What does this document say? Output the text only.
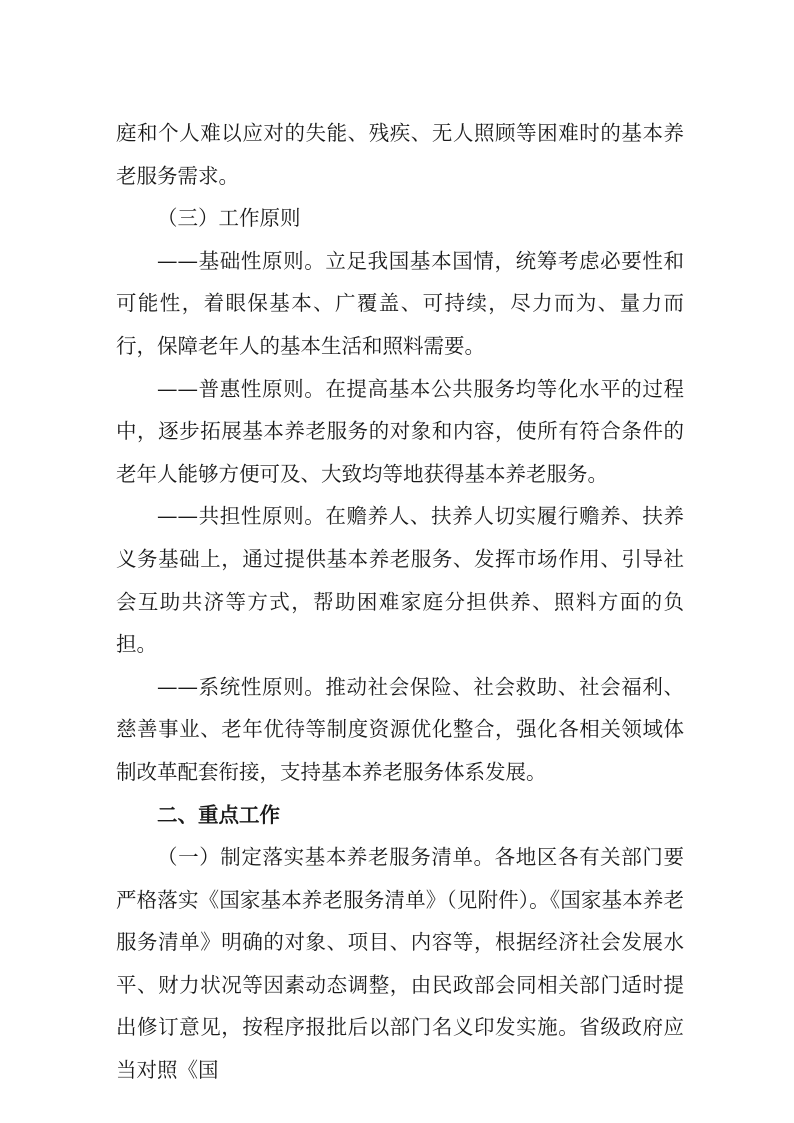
庭和个人难以应对的失能、残疾、无人照顾等困难时的基本养老服务需求。

（三）工作原则

——基础性原则。立足我国基本国情，统筹考虑必要性和可能性，着眼保基本、广覆盖、可持续，尽力而为、量力而行，保障老年人的基本生活和照料需要。

——普惠性原则。在提高基本公共服务均等化水平的过程中，逐步拓展基本养老服务的对象和内容，使所有符合条件的老年人能够方便可及、大致均等地获得基本养老服务。

——共担性原则。在赡养人、扶养人切实履行赡养、扶养义务基础上，通过提供基本养老服务、发挥市场作用、引导社会互助共济等方式，帮助困难家庭分担供养、照料方面的负担。

——系统性原则。推动社会保险、社会救助、社会福利、慈善事业、老年优待等制度资源优化整合，强化各相关领域体制改革配套衔接，支持基本养老服务体系发展。

二、重点工作

（一）制定落实基本养老服务清单。各地区各有关部门要严格落实《国家基本养老服务清单》（见附件）。《国家基本养老服务清单》明确的对象、项目、内容等，根据经济社会发展水平、财力状况等因素动态调整，由民政部会同相关部门适时提出修订意见，按程序报批后以部门名义印发实施。省级政府应当对照《国
